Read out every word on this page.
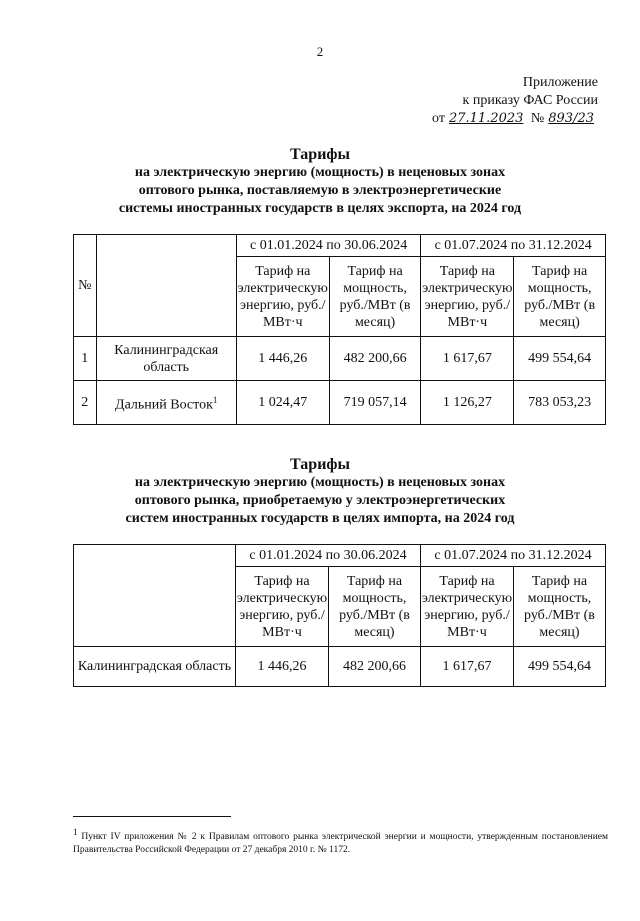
2
Приложение
к приказу ФАС России
от 27.11.2023 № 893/23
Тарифы
на электрическую энергию (мощность) в неценовых зонах
оптового рынка, поставляемую в электроэнергетические
системы иностранных государств в целях экспорта, на 2024 год
№		с 01.01.2024 по 30.06.2024		с 01.07.2024 по 31.12.2024	
		Тариф на электрическую энергию, руб./МВт·ч	Тариф на мощность, руб./МВт (в месяц)	Тариф на электрическую энергию, руб./МВт·ч	Тариф на мощность, руб./МВт (в месяц)
1	Калининградская область	1 446,26	482 200,66	1 617,67	499 554,64
2	Дальний Восток$^1$	1 024,47	719 057,14	1 126,27	783 053,23
Тарифы
на электрическую энергию (мощность) в неценовых зонах
оптового рынка, приобретаемую у электроэнергетических
систем иностранных государств в целях импорта, на 2024 год
	с 01.01.2024 по 30.06.2024		с 01.07.2024 по 31.12.2024	
	Тариф на электрическую энергию, руб./МВт·ч	Тариф на мощность, руб./МВт (в месяц)	Тариф на электрическую энергию, руб./МВт·ч	Тариф на мощность, руб./МВт (в месяц)
Калининградская область	1 446,26	482 200,66	1 617,67	499 554,64
$^1$ Пункт IV приложения № 2 к Правилам оптового рынка электрической энергии и мощности, утвержденным постановлением Правительства Российской Федерации от 27 декабря 2010 г. № 1172.
